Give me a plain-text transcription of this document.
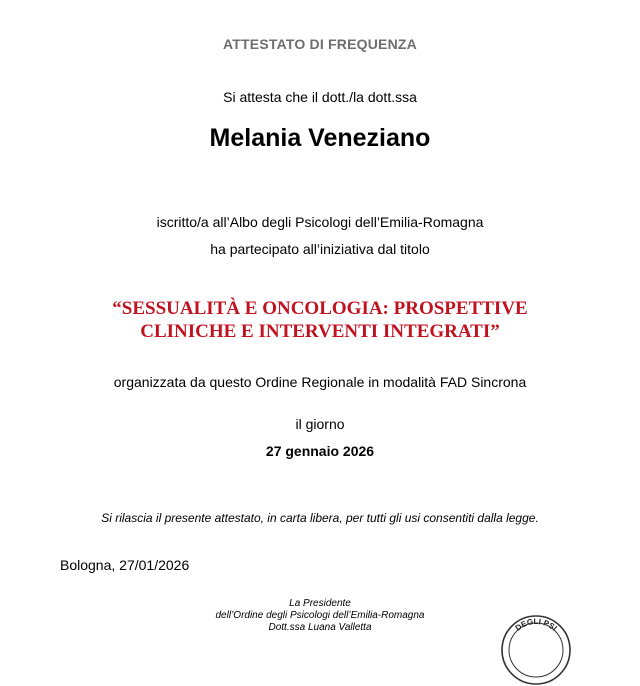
ATTESTATO DI FREQUENZA
Si attesta che il dott./la dott.ssa
Melania Veneziano
iscritto/a all’Albo degli Psicologi dell’Emilia-Romagna
ha partecipato all’iniziativa dal titolo
“SESSUALITÀ E ONCOLOGIA: PROSPETTIVE
CLINICHE E INTERVENTI INTEGRATI”
organizzata da questo Ordine Regionale in modalità FAD Sincrona
il giorno
27 gennaio 2026
Si rilascia il presente attestato, in carta libera, per tutti gli usi consentiti dalla legge.
Bologna, 27/01/2026
La Presidente
dell’Ordine degli Psicologi dell’Emilia-Romagna
Dott.ssa Luana Valletta	DEGLI PSI
